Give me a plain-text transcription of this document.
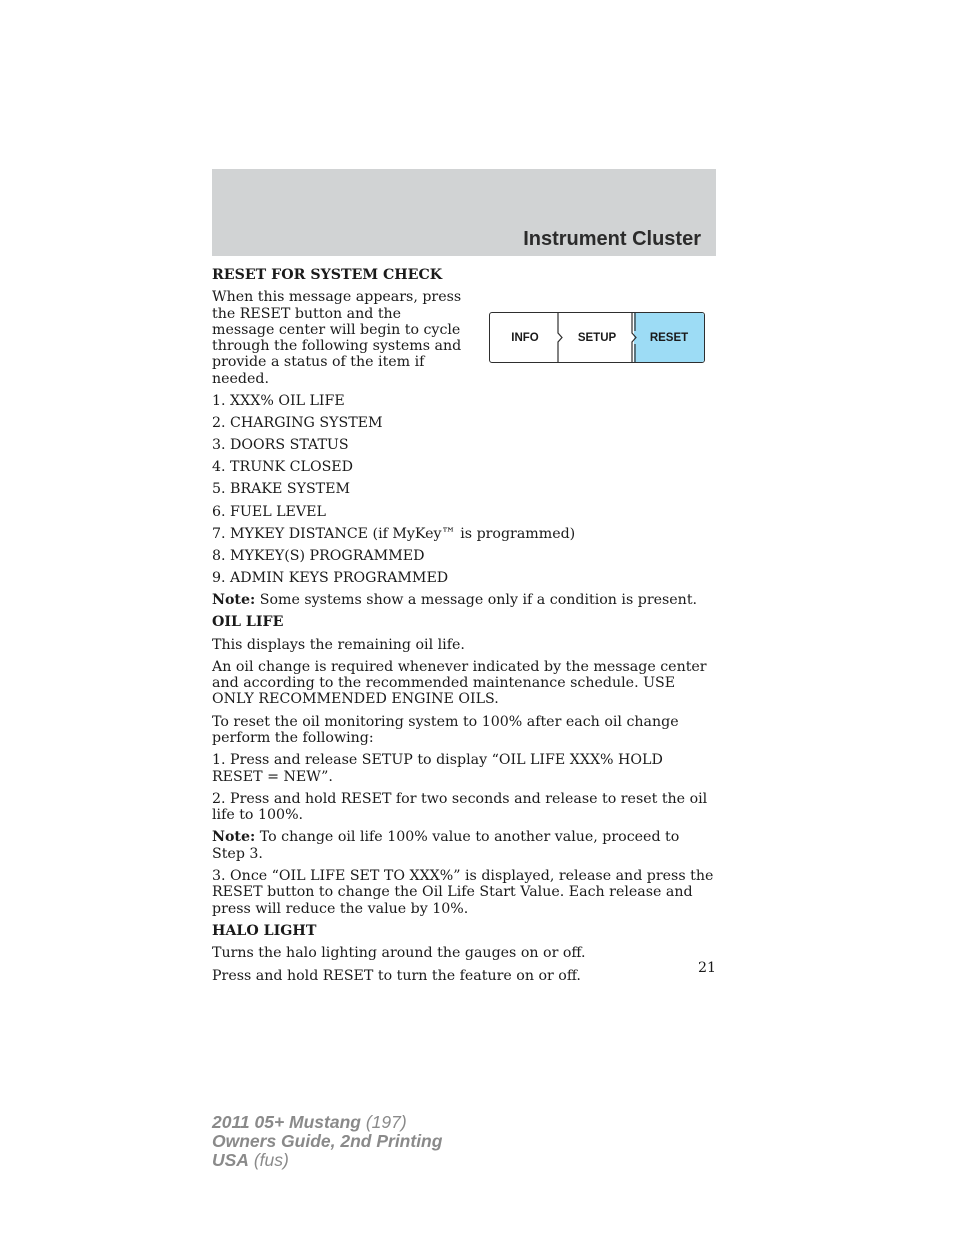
Instrument Cluster
RESET FOR SYSTEM CHECK

When this message appears, press the RESET button and the message center will begin to cycle through the following systems and provide a status of the item if needed.

INFO	SETUP	RESET
1. XXX% OIL LIFE
2. CHARGING SYSTEM
3. DOORS STATUS
4. TRUNK CLOSED
5. BRAKE SYSTEM
6. FUEL LEVEL
7. MYKEY DISTANCE (if MyKey™ is programmed)
8. MYKEY(S) PROGRAMMED
9. ADMIN KEYS PROGRAMMED

Note: Some systems show a message only if a condition is present.

OIL LIFE

This displays the remaining oil life.

An oil change is required whenever indicated by the message center and according to the recommended maintenance schedule. USE ONLY RECOMMENDED ENGINE OILS.

To reset the oil monitoring system to 100% after each oil change perform the following:

1. Press and release SETUP to display “OIL LIFE XXX% HOLD RESET = NEW”.

2. Press and hold RESET for two seconds and release to reset the oil life to 100%.

Note: To change oil life 100% value to another value, proceed to Step 3.

3. Once “OIL LIFE SET TO XXX%” is displayed, release and press the RESET button to change the Oil Life Start Value. Each release and press will reduce the value by 10%.

HALO LIGHT

Turns the halo lighting around the gauges on or off.

Press and hold RESET to turn the feature on or off.	21
2011 05+ Mustang (197)
Owners Guide, 2nd Printing
USA (fus)
